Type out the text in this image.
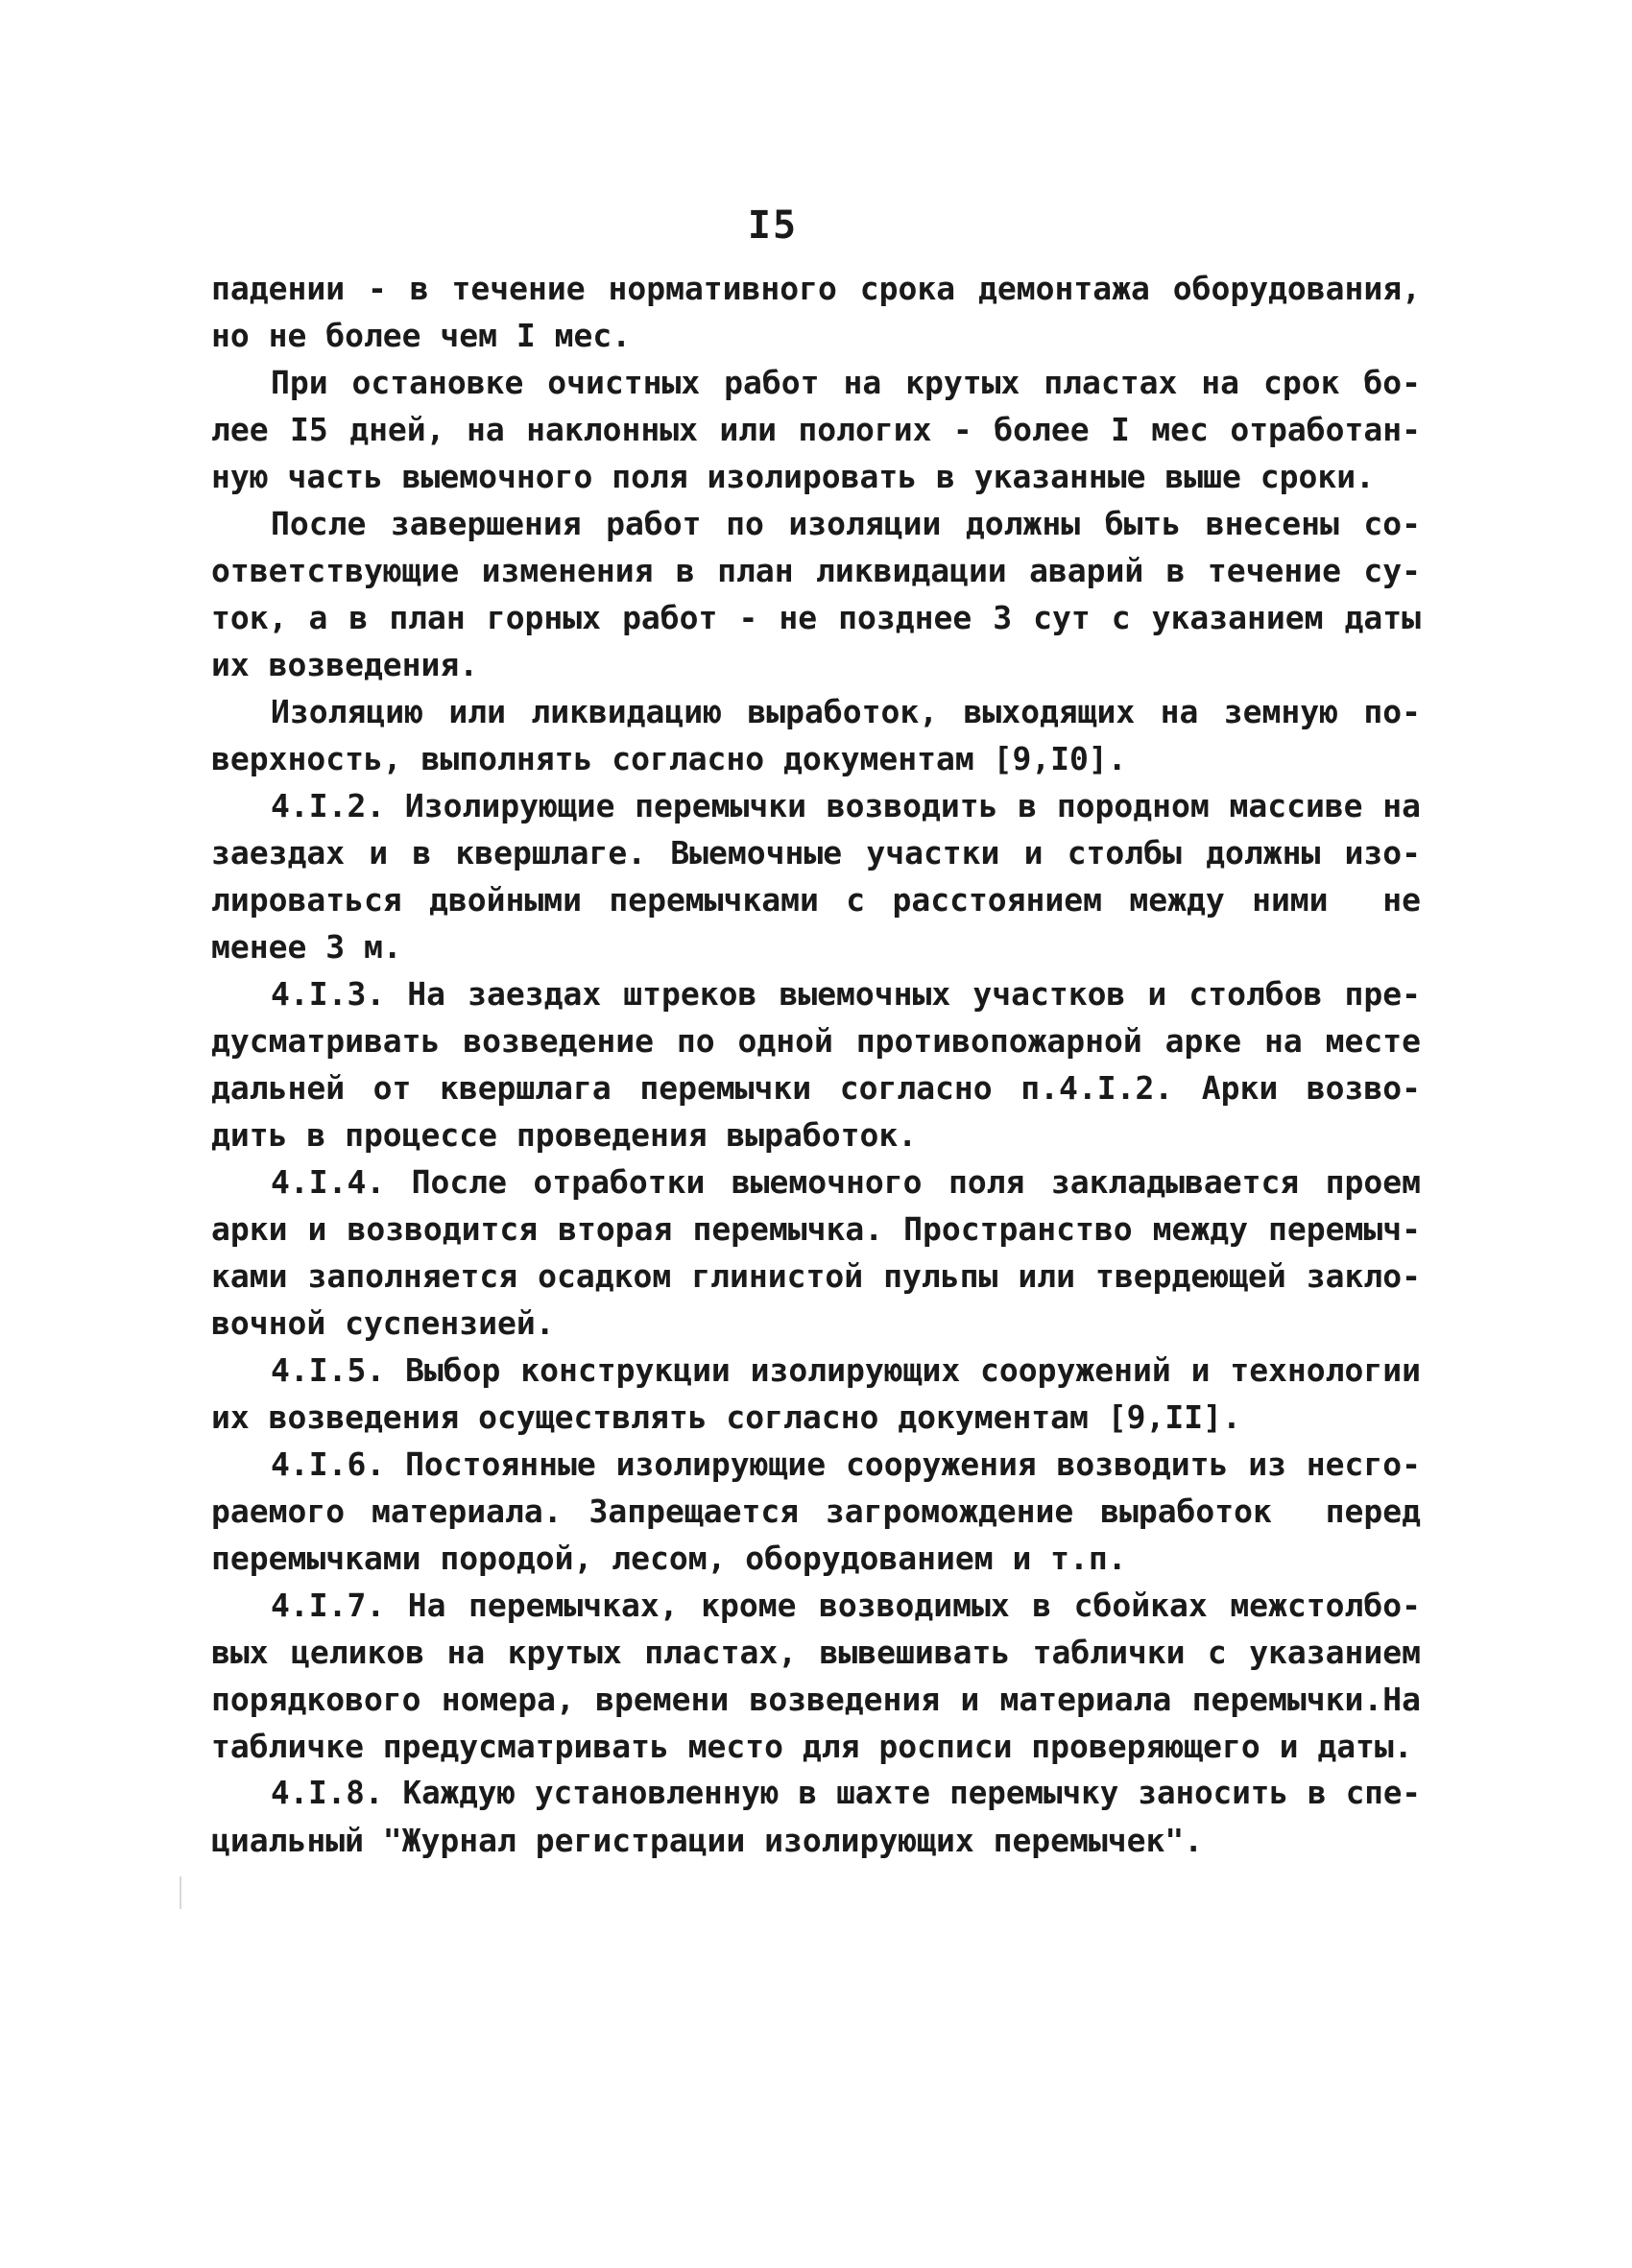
I5
падении - в течение нормативного срока демонтажа оборудования,
но не более чем I мес.
При остановке очистных работ на крутых пластах на срок бо-
лее I5 дней, на наклонных или пологих - более I мес отработан-
ную часть выемочного поля изолировать в указанные выше сроки.
После завершения работ по изоляции должны быть внесены со-
ответствующие изменения в план ликвидации аварий в течение су-
ток, а в план горных работ - не позднее 3 сут с указанием даты
их возведения.
Изоляцию или ликвидацию выработок, выходящих на земную по-
верхность, выполнять согласно документам [9,I0].
4.I.2. Изолирующие перемычки возводить в породном массиве на
заездах и в квершлаге. Выемочные участки и столбы должны изо-
лироваться двойными перемычками с расстоянием между ними  не
менее 3 м.
4.I.3. На заездах штреков выемочных участков и столбов пре-
дусматривать возведение по одной противопожарной арке на месте
дальней от квершлага перемычки согласно п.4.I.2. Арки возво-
дить в процессе проведения выработок.
4.I.4. После отработки выемочного поля закладывается проем
арки и возводится вторая перемычка. Пространство между перемыч-
ками заполняется осадком глинистой пульпы или твердеющей закло-
вочной суспензией.
4.I.5. Выбор конструкции изолирующих сооружений и технологии
их возведения осуществлять согласно документам [9,II].
4.I.6. Постоянные изолирующие сооружения возводить из несго-
раемого материала. Запрещается загромождение выработок  перед
перемычками породой, лесом, оборудованием и т.п.
4.I.7. На перемычках, кроме возводимых в сбойках межстолбо-
вых целиков на крутых пластах, вывешивать таблички с указанием
порядкового номера, времени возведения и материала перемычки.На
табличке предусматривать место для росписи проверяющего и даты.
4.I.8. Каждую установленную в шахте перемычку заносить в спе-
циальный "Журнал регистрации изолирующих перемычек".
